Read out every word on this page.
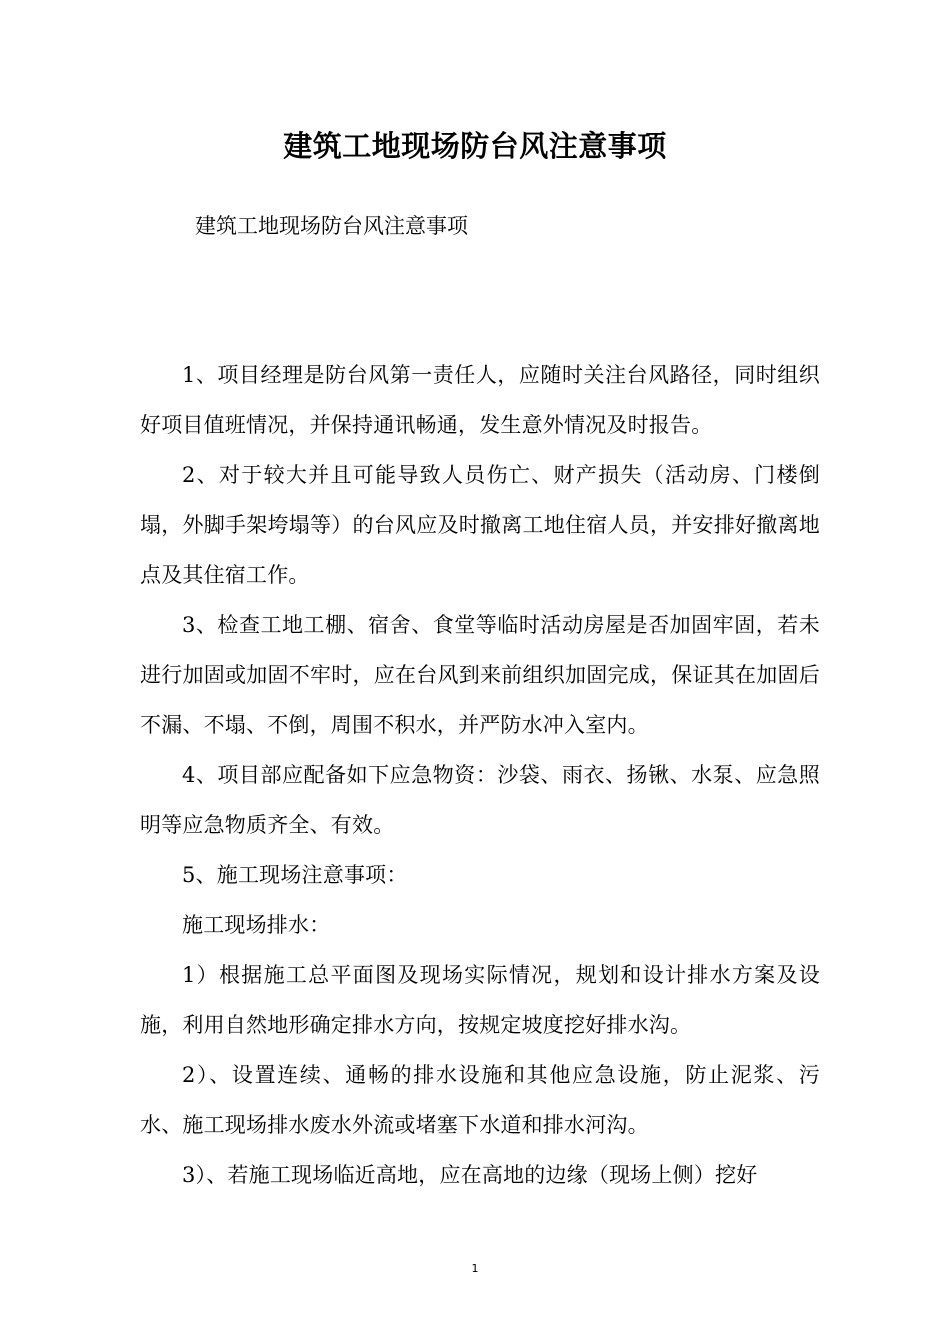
建筑工地现场防台风注意事项

建筑工地现场防台风注意事项

1、项目经理是防台风第一责任人，应随时关注台风路径，同时组织好项目值班情况，并保持通讯畅通，发生意外情况及时报告。

2、对于较大并且可能导致人员伤亡、财产损失（活动房、门楼倒塌，外脚手架垮塌等）的台风应及时撤离工地住宿人员，并安排好撤离地点及其住宿工作。

3、检查工地工棚、宿舍、食堂等临时活动房屋是否加固牢固，若未进行加固或加固不牢时，应在台风到来前组织加固完成，保证其在加固后不漏、不塌、不倒，周围不积水，并严防水冲入室内。

4、项目部应配备如下应急物资：沙袋、雨衣、扬锹、水泵、应急照明等应急物质齐全、有效。

5、施工现场注意事项：

施工现场排水：

1）根据施工总平面图及现场实际情况，规划和设计排水方案及设施，利用自然地形确定排水方向，按规定坡度挖好排水沟。

2）、设置连续、通畅的排水设施和其他应急设施，防止泥浆、污水、施工现场排水废水外流或堵塞下水道和排水河沟。

3）、若施工现场临近高地，应在高地的边缘（现场上侧）挖好

1
